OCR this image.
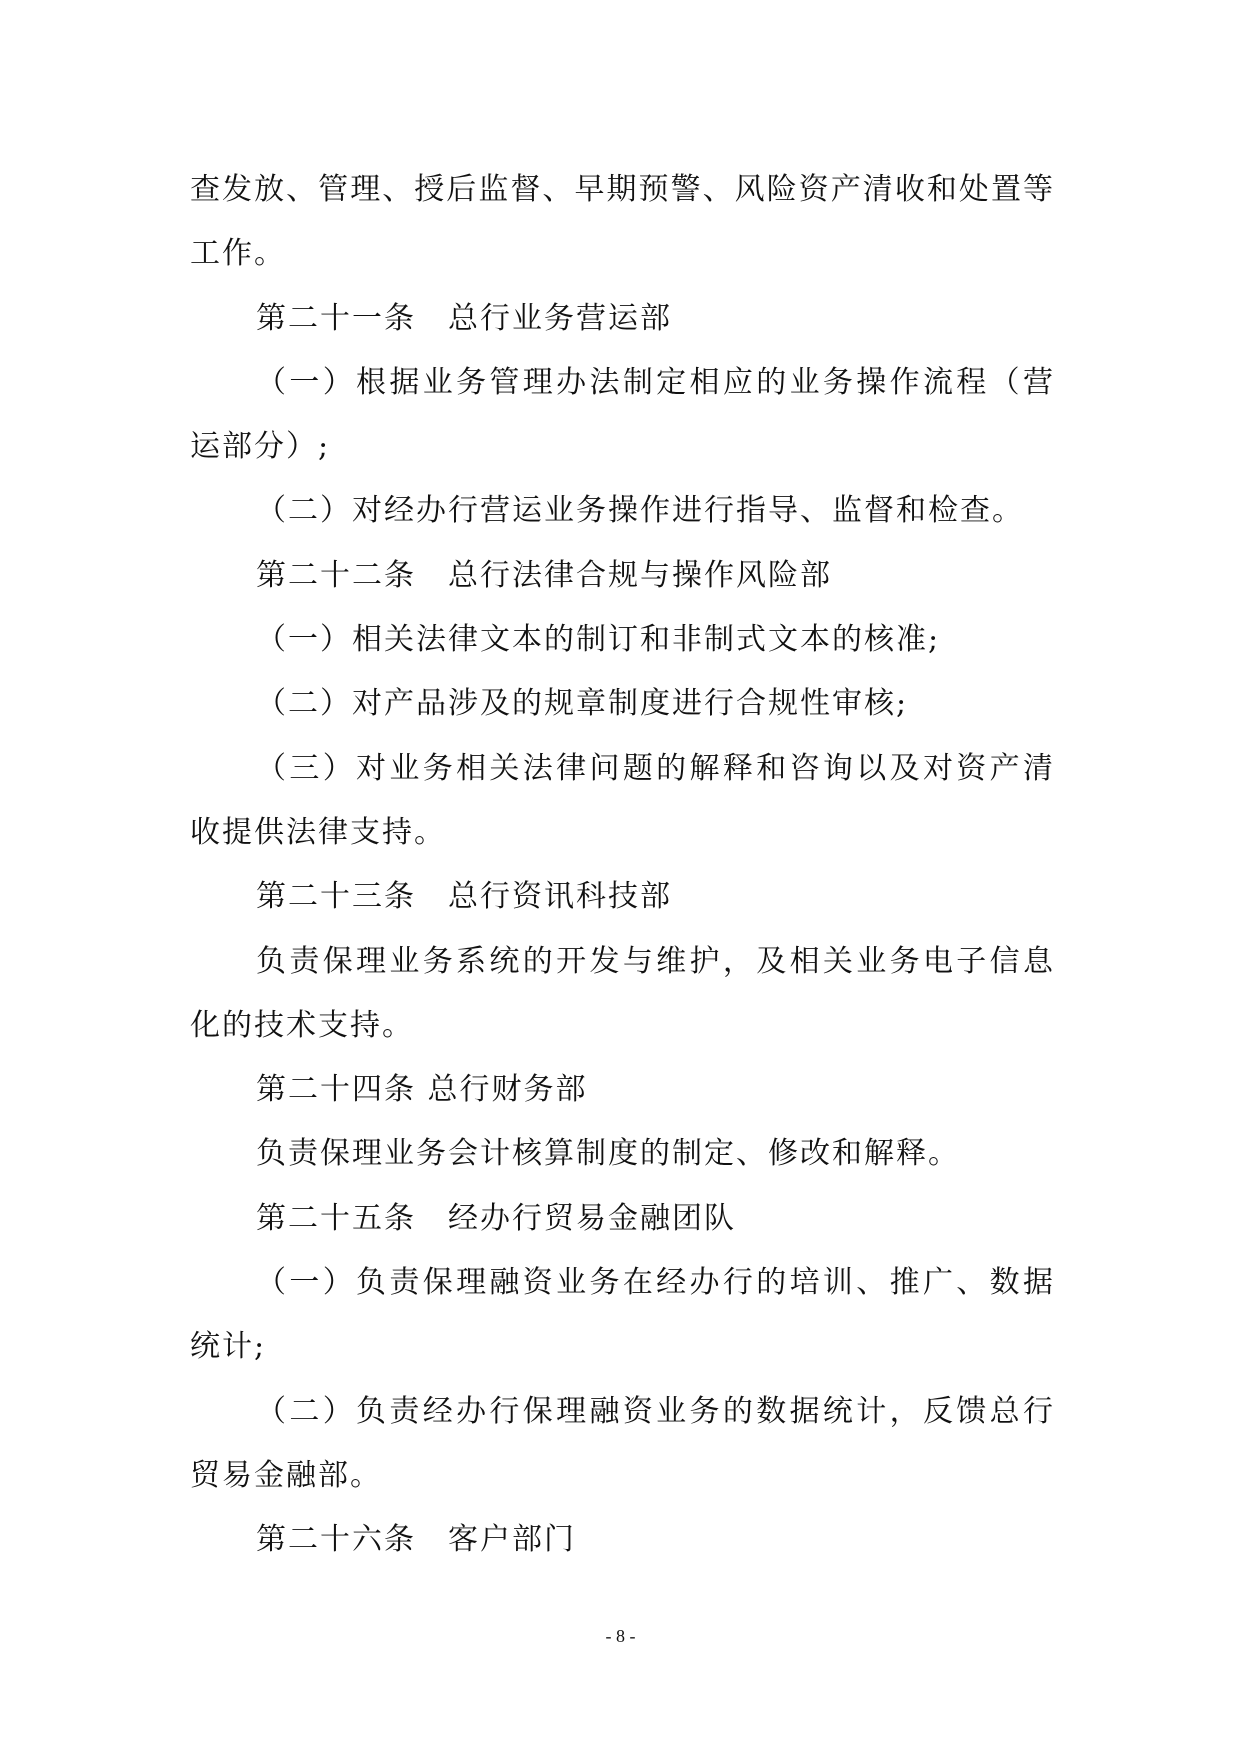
查发放、管理、授后监督、早期预警、风险资产清收和处置等工作。

第二十一条　总行业务营运部

（一）根据业务管理办法制定相应的业务操作流程（营运部分）;

（二）对经办行营运业务操作进行指导、监督和检查。

第二十二条　总行法律合规与操作风险部

（一）相关法律文本的制订和非制式文本的核准;

（二）对产品涉及的规章制度进行合规性审核;

（三）对业务相关法律问题的解释和咨询以及对资产清收提供法律支持。

第二十三条　总行资讯科技部

负责保理业务系统的开发与维护，及相关业务电子信息化的技术支持。

第二十四条 总行财务部

负责保理业务会计核算制度的制定、修改和解释。

第二十五条　经办行贸易金融团队

（一）负责保理融资业务在经办行的培训、推广、数据统计;

（二）负责经办行保理融资业务的数据统计，反馈总行贸易金融部。

第二十六条　客户部门

- 8 -
